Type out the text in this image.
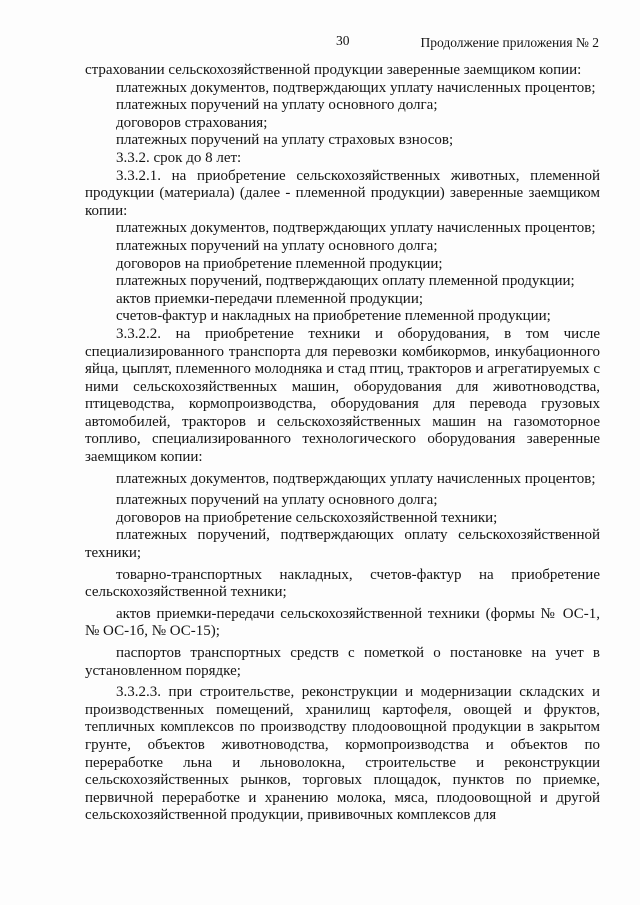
30	Продолжение приложения № 2

страховании сельскохозяйственной продукции заверенные заемщиком копии:

платежных документов, подтверждающих уплату начисленных процентов;

платежных поручений на уплату основного долга;

договоров страхования;

платежных поручений на уплату страховых взносов;

3.3.2. срок до 8 лет:

3.3.2.1. на приобретение сельскохозяйственных животных, племенной продукции (материала) (далее - племенной продукции) заверенные заемщиком копии:

платежных документов, подтверждающих уплату начисленных процентов;

платежных поручений на уплату основного долга;

договоров на приобретение племенной продукции;

платежных поручений, подтверждающих оплату племенной продукции;

актов приемки-передачи племенной продукции;

счетов-фактур и накладных на приобретение племенной продукции;

3.3.2.2. на приобретение техники и оборудования, в том числе специализированного транспорта для перевозки комбикормов, инкубационного яйца, цыплят, племенного молодняка и стад птиц, тракторов и агрегатируемых с ними сельскохозяйственных машин, оборудования для животноводства, птицеводства, кормопроизводства, оборудования для перевода грузовых автомобилей, тракторов и сельскохозяйственных машин на газомоторное топливо, специализированного технологического оборудования заверенные заемщиком копии:

платежных документов, подтверждающих уплату начисленных процентов;

платежных поручений на уплату основного долга;

договоров на приобретение сельскохозяйственной техники;

платежных поручений, подтверждающих оплату сельскохозяйственной техники;

товарно-транспортных накладных, счетов-фактур на приобретение сельскохозяйственной техники;

актов приемки-передачи сельскохозяйственной техники (формы № ОС-1, № ОС-1б, № ОС-15);

паспортов транспортных средств с пометкой о постановке на учет в установленном порядке;

3.3.2.3. при строительстве, реконструкции и модернизации складских и производственных помещений, хранилищ картофеля, овощей и фруктов, тепличных комплексов по производству плодоовощной продукции в закрытом грунте, объектов животноводства, кормопроизводства и объектов по переработке льна и льноволокна, строительстве и реконструкции сельскохозяйственных рынков, торговых площадок, пунктов по приемке, первичной переработке и хранению молока, мяса, плодоовощной и другой сельскохозяйственной продукции, прививочных комплексов для
